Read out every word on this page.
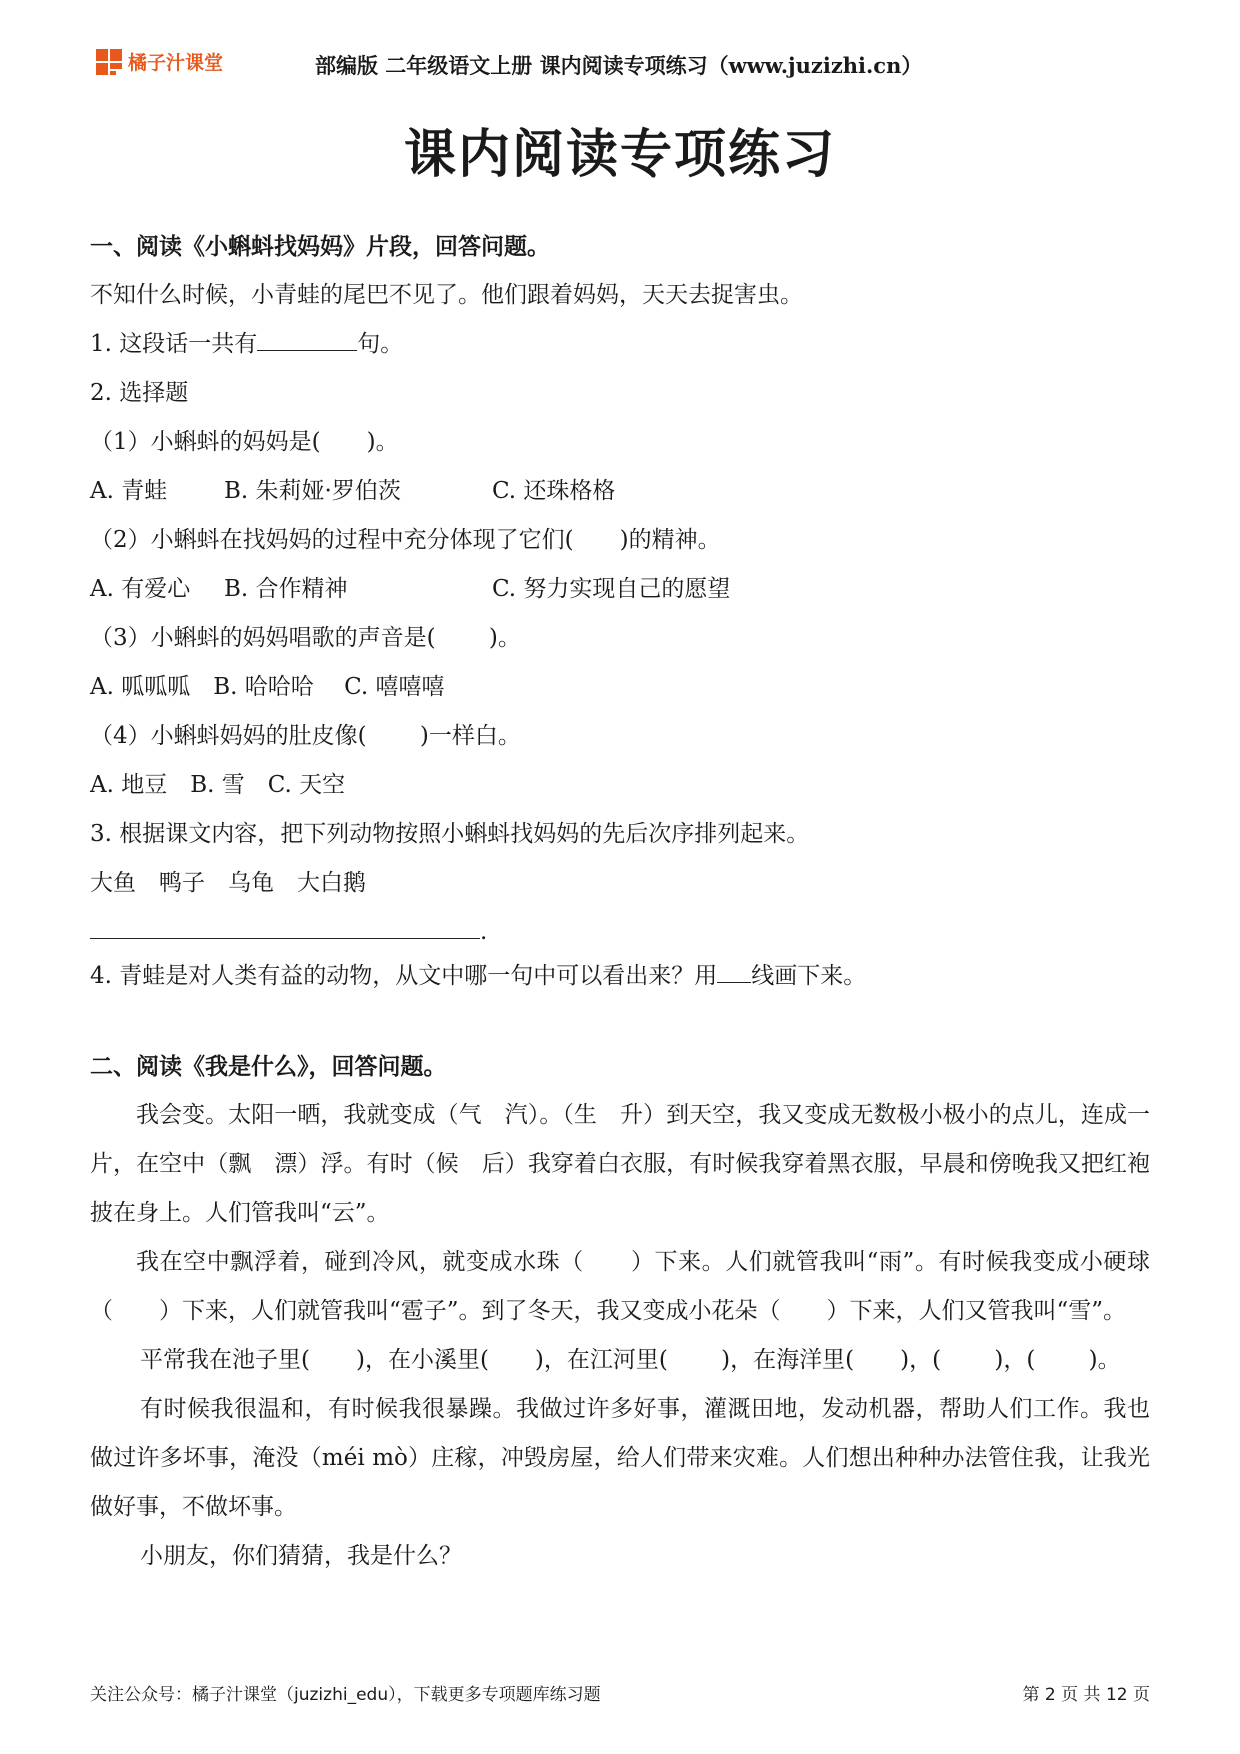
橘子汁课堂	部编版 二年级语文上册 课内阅读专项练习（www.juzizhi.cn）
课内阅读专项练习
一、阅读《小蝌蚪找妈妈》片段，回答问题。
不知什么时候，小青蛙的尾巴不见了。他们跟着妈妈，天天去捉害虫。
1. 这段话一共有	句。
2. 选择题
（1）小蝌蚪的妈妈是(　　)。
A. 青蛙 B. 朱莉娅·罗伯茨	C. 还珠格格
（2）小蝌蚪在找妈妈的过程中充分体现了它们(　　)的精神。
A. 有爱心 B. 合作精神	C. 努力实现自己的愿望
（3）小蝌蚪的妈妈唱歌的声音是(　　 )。
A. 呱呱呱　B. 哈哈哈　 C. 嘻嘻嘻
（4）小蝌蚪妈妈的肚皮像(　　 )一样白。
A. 地豆　B. 雪　C. 天空
3. 根据课文内容，把下列动物按照小蝌蚪找妈妈的先后次序排列起来。
大鱼　鸭子　乌龟　大白鹅
.
4. 青蛙是对人类有益的动物，从文中哪一句中可以看出来？用 线画下来。
二、阅读《我是什么》，回答问题。

我会变。太阳一晒，我就变成（气　汽）。（生　升）到天空，我又变成无数极小极小的点儿，连成一片，在空中（飘　漂）浮。有时（候　后）我穿着白衣服，有时候我穿着黑衣服，早晨和傍晚我又把红袍披在身上。人们管我叫“云”。

我在空中飘浮着，碰到冷风，就变成水珠（　　）下来。人们就管我叫“雨”。有时候我变成小硬球（　　）下来，人们就管我叫“雹子”。到了冬天，我又变成小花朵（　　）下来，人们又管我叫“雪”。

平常我在池子里(　　)，在小溪里(　　)，在江河里(　　 )，在海洋里(　　)，(　　 )，(　　 )。

有时候我很温和，有时候我很暴躁。我做过许多好事，灌溉田地，发动机器，帮助人们工作。我也做过许多坏事，淹没（méi mò）庄稼，冲毁房屋，给人们带来灾难。人们想出种种办法管住我，让我光做好事，不做坏事。

小朋友，你们猜猜，我是什么？

关注公众号：橘子汁课堂（juzizhi_edu），下载更多专项题库练习题	第 2 页 共 12 页
